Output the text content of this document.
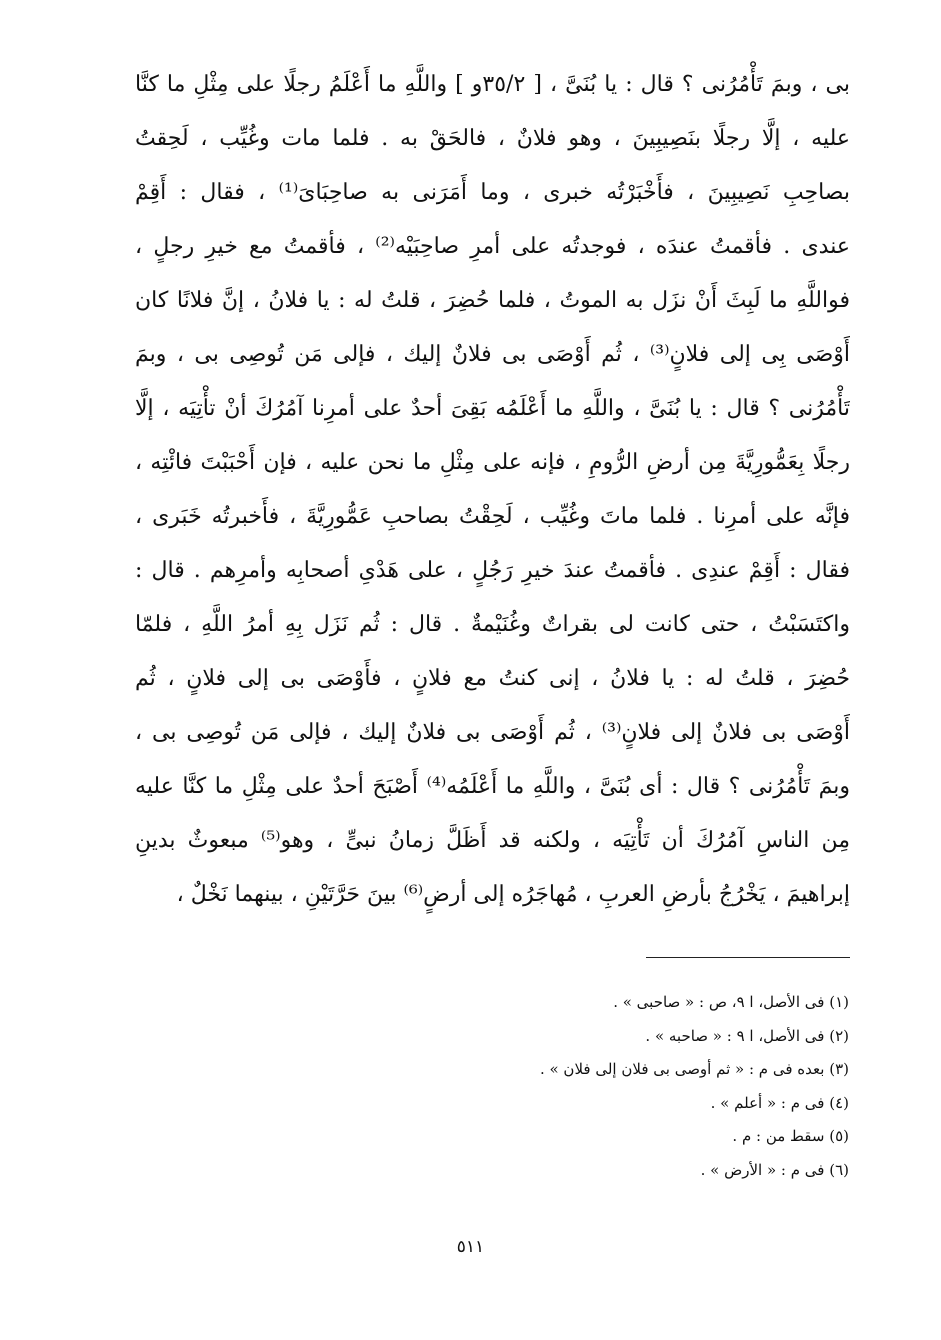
بى ، وبمَ تَأْمُرُنى ؟ قال : يا بُنَىَّ ، [ ٣٥/٢و ] واللَّهِ ما أَعْلَمُ رجلًا على مِثْلِ ما كنَّا
عليه ، إلَّا رجلًا بنَصِيبِينَ ، وهو فلانٌ ، فالحَقْ به . فلما مات وغُيِّب ، لَحِقتُ
بصاحِبِ نَصِيبِينَ ، فأَخْبَرْتُه خبرى ، وما أَمَرَنى به صاحِبَاىَ⁽¹⁾ ، فقال : أَقِمْ
عندى . فأقمتُ عندَه ، فوجدتُه على أمرِ صاحِبَيْه⁽²⁾ ، فأقمتُ مع خيرِ رجلٍ ،
فواللَّهِ ما لَبِثَ أَنْ نزَل به الموتُ ، فلما حُضِرَ ، قلتُ له : يا فلانُ ، إنَّ فلانًا كان
أَوْصَى بِى إلى فلانٍ⁽³⁾ ، ثُم أَوْصَى بى فلانٌ إليك ، فإلى مَن تُوصِى بى ، وبمَ
تَأْمُرُنى ؟ قال : يا بُنَىَّ ، واللَّهِ ما أَعْلَمُه بَقِىَ أحدٌ على أمرِنا آمُرُكَ أنْ تأْتِيَه ، إلَّا
رجلًا بِعَمُّورِيَّةَ مِن أرضِ الرُّومِ ، فإنه على مِثْلِ ما نحن عليه ، فإن أَحْبَبْتَ فائْتِه ،
فإنَّه على أمرِنا . فلما ماتَ وغُيِّب ، لَحِقْتُ بصاحبِ عَمُّورِيَّةَ ، فأَخبرتُه خَبَرى ،
فقال : أَقِمْ عندِى . فأقمتُ عندَ خيرِ رَجُلٍ ، على هَدْىِ أصحابِه وأمرِهم . قال :
واكتَسَبْتُ ، حتى كانت لى بقراتٌ وغُنَيْمةٌ . قال : ثُم نَزَل بِهِ أمرُ اللَّهِ ، فلمّا
حُضِرَ ، قلتُ له : يا فلانُ ، إنى كنتُ مع فلانٍ ، فأَوْصَى بى إلى فلانٍ ، ثُم
أَوْصَى بى فلانٌ إلى فلانٍ⁽³⁾ ، ثُم أَوْصَى بى فلانٌ إليك ، فإلى مَن تُوصِى بى ،
وبمَ تَأْمُرُنى ؟ قال : أى بُنَىَّ ، واللَّهِ ما أَعْلَمُه⁽⁴⁾ أَصْبَحَ أحدٌ على مِثْلِ ما كنَّا عليه
مِن الناسِ آمُرُكَ أن تَأْتِيَه ، ولكنه قد أَظَلَّ زمانُ نبىٍّ ، وهو⁽⁵⁾ مبعوثٌ بدينِ
إبراهيمَ ، يَخْرُجُ بأرضِ العربِ ، مُهاجَرُه إلى أرضٍ⁽⁶⁾ بينَ حَرَّتَيْنِ ، بينهما نَخْلٌ ،
(١) فى الأصل، ا ٩، ص : « صاحبى » .
(٢) فى الأصل، ا ٩ : « صاحبه » .
(٣) بعده فى م : « ثم أوصى بى فلان إلى فلان » .
(٤) فى م : « أعلم » .
(٥) سقط من : م .
(٦) فى م : « الأرض » .
٥١١
